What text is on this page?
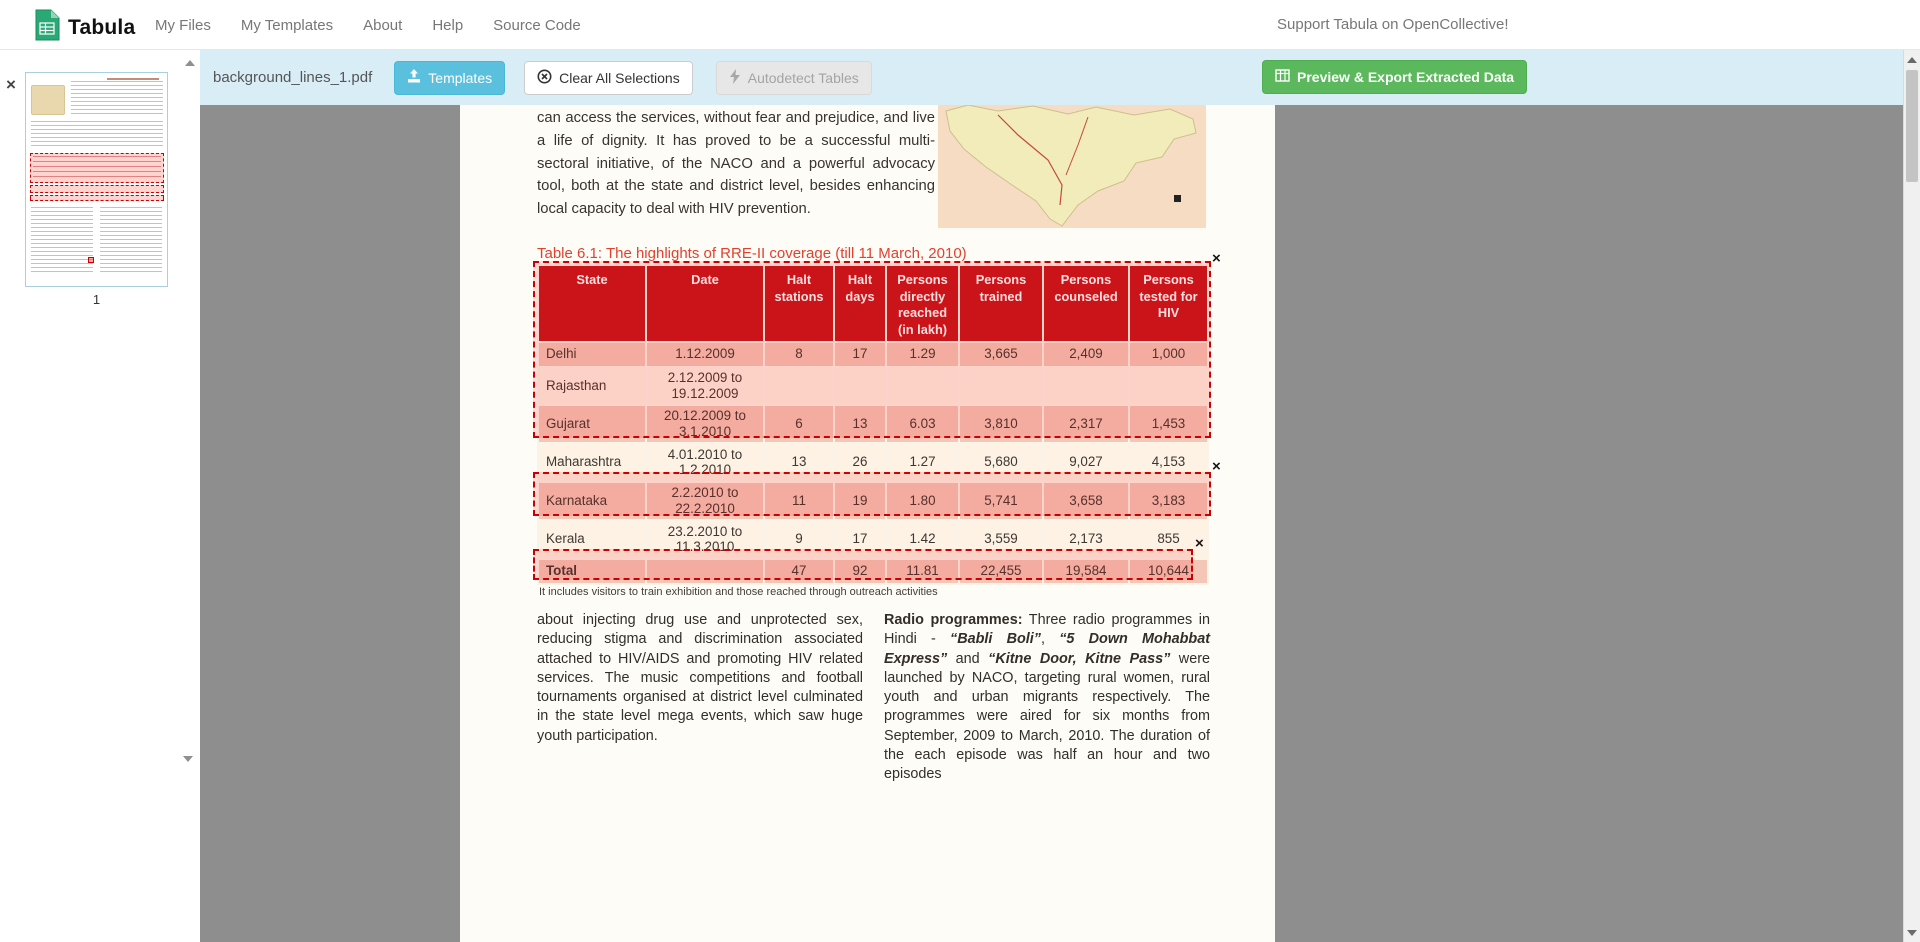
Tabula My Files My Templates About Help Source Code	Support Tabula on OpenCollective!
×
1
background_lines_1.pdf	Templates	Clear All Selections	Autodetect Tables	Preview & Export Extracted Data

can access the services, without fear and prejudice, and live a life of dignity. It has proved to be a successful multi-sectoral initiative, of the NACO and a powerful advocacy tool, both at the state and district level, besides enhancing local capacity to deal with HIV prevention.

Table 6.1: The highlights of RRE-II coverage (till 11 March, 2010)
State	Date	Halt stations	Halt days	Persons directly reached (in lakh)	Persons trained	Persons counseled	Persons tested for HIV
Delhi	1.12.2009	8	17	1.29	3,665	2,409	1,000
Rajasthan	2.12.2009 to 19.12.2009						
Gujarat	20.12.2009 to 3.1.2010	6	13	6.03	3,810	2,317	1,453
Maharashtra	4.01.2010 to 1.2.2010	13	26	1.27	5,680	9,027	4,153
Karnataka	2.2.2010 to 22.2.2010	11	19	1.80	5,741	3,658	3,183
Kerala	23.2.2010 to 11.3.2010	9	17	1.42	3,559	2,173	855
Total		47	92	11.81	22,455	19,584	10,644
×
×
×
It includes visitors to train exhibition and those reached through outreach activities

about injecting drug use and unprotected sex, reducing stigma and discrimination associated attached to HIV/AIDS and promoting HIV related services. The music competitions and football tournaments organised at district level culminated in the state level mega events, which saw huge youth participation.

Radio programmes: Three radio programmes in Hindi - “Babli Boli”, “5 Down Mohabbat Express” and “Kitne Door, Kitne Pass” were launched by NACO, targeting rural women, rural youth and urban migrants respectively. The programmes were aired for six months from September, 2009 to March, 2010. The duration of the each episode was half an hour and two episodes
